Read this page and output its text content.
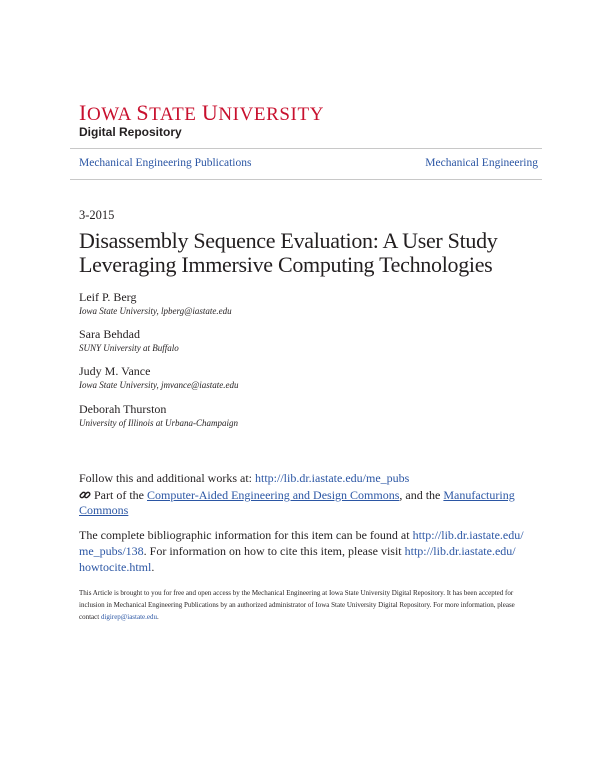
IOWA STATE UNIVERSITY
Digital Repository
Mechanical Engineering Publications	Mechanical Engineering
3-2015
Disassembly Sequence Evaluation: A User Study Leveraging Immersive Computing Technologies
Leif P. Berg
Iowa State University, lpberg@iastate.edu
Sara Behdad
SUNY University at Buffalo
Judy M. Vance
Iowa State University, jmvance@iastate.edu
Deborah Thurston
University of Illinois at Urbana-Champaign
Follow this and additional works at: http://lib.dr.iastate.edu/me_pubs
Part of the Computer-Aided Engineering and Design Commons, and the Manufacturing
Commons
The complete bibliographic information for this item can be found at http://lib.dr.iastate.edu/
me_pubs/138. For information on how to cite this item, please visit http://lib.dr.iastate.edu/
howtocite.html.
This Article is brought to you for free and open access by the Mechanical Engineering at Iowa State University Digital Repository. It has been accepted for inclusion in Mechanical Engineering Publications by an authorized administrator of Iowa State University Digital Repository. For more information, please contact digirep@iastate.edu.
